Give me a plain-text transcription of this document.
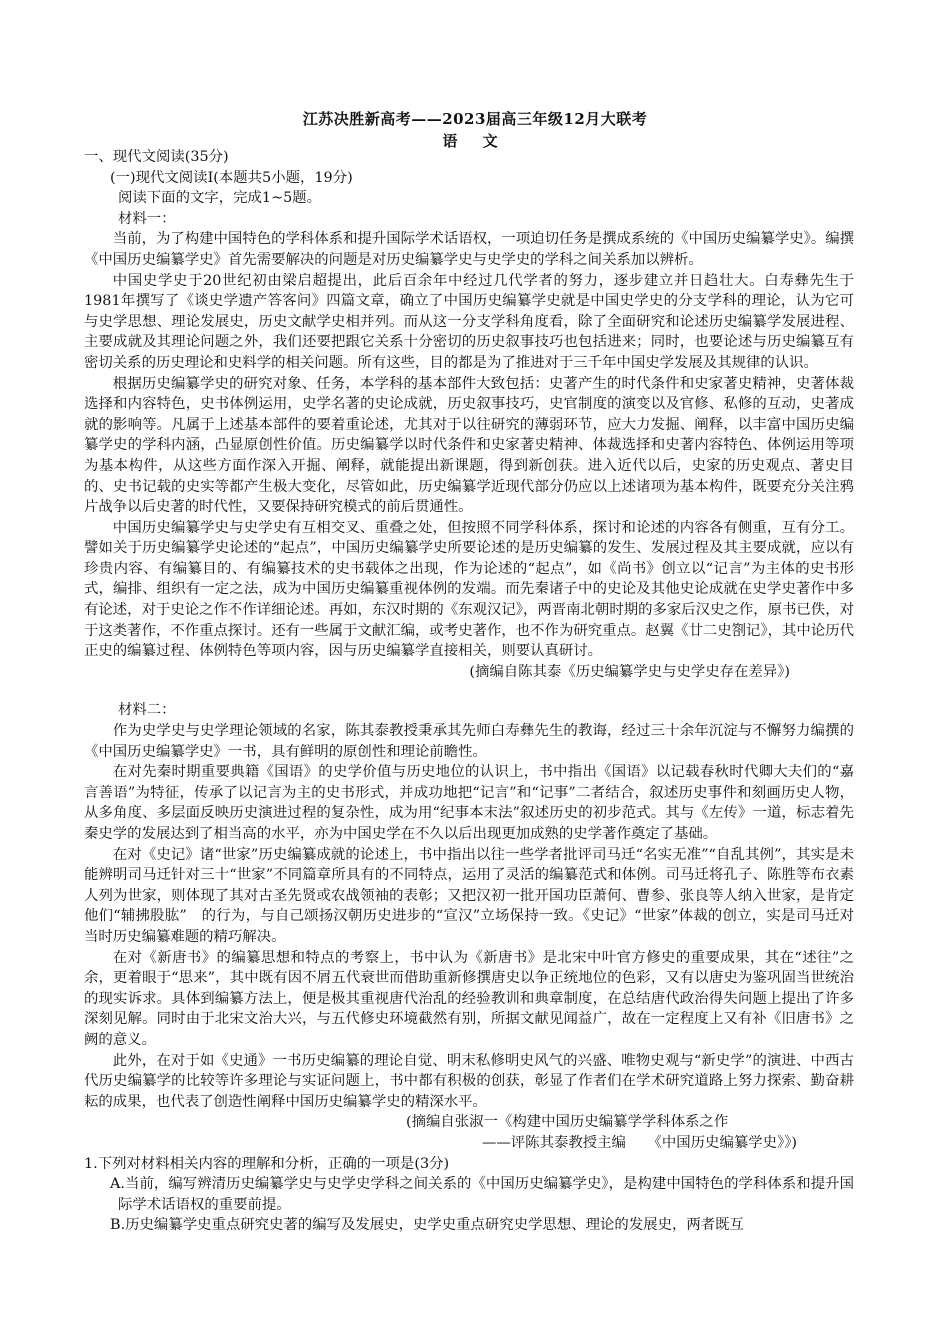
江苏决胜新高考——2023届高三年级12月大联考
语 文

一、现代文阅读(35分)

(一)现代文阅读Ⅰ(本题共5小题，19分)

阅读下面的文字，完成1~5题。

材料一：

当前，为了构建中国特色的学科体系和提升国际学术话语权，一项迫切任务是撰成系统的《中国历史编纂学史》。编撰《中国历史编纂学史》首先需要解决的问题是对历史编纂学史与史学史的学科之间关系加以辨析。

中国史学史于20世纪初由梁启超提出，此后百余年中经过几代学者的努力，逐步建立并日趋壮大。白寿彝先生于1981年撰写了《谈史学遗产答客问》四篇文章，确立了中国历史编纂学史就是中国史学史的分支学科的理论，认为它可与史学思想、理论发展史，历史文献学史相并列。而从这一分支学科角度看，除了全面研究和论述历史编纂学发展进程、主要成就及其理论问题之外，我们还要把跟它关系十分密切的历史叙事技巧也包括进来；同时，也要论述与历史编纂互有密切关系的历史理论和史料学的相关问题。所有这些，目的都是为了推进对于三千年中国史学发展及其规律的认识。

根据历史编纂学史的研究对象、任务，本学科的基本部件大致包括：史著产生的时代条件和史家著史精神，史著体裁选择和内容特色，史书体例运用，史学名著的史论成就，历史叙事技巧，史官制度的演变以及官修、私修的互动，史著成就的影响等。凡属于上述基本部件的要着重论述，尤其对于以往研究的薄弱环节，应大力发掘、阐释，以丰富中国历史编纂学史的学科内涵，凸显原创性价值。历史编纂学以时代条件和史家著史精神、体裁选择和史著内容特色、体例运用等项为基本构件，从这些方面作深入开掘、阐释，就能提出新课题，得到新创获。进入近代以后，史家的历史观点、著史目的、史书记载的史实等都产生极大变化，尽管如此，历史编纂学近现代部分仍应以上述诸项为基本构件，既要充分关注鸦片战争以后史著的时代性，又要保持研究模式的前后贯通性。

中国历史编纂学史与史学史有互相交叉、重叠之处，但按照不同学科体系，探讨和论述的内容各有侧重，互有分工。譬如关于历史编纂学史论述的“起点”，中国历史编纂学史所要论述的是历史编纂的发生、发展过程及其主要成就，应以有珍贵内容、有编纂目的、有编纂技术的史书载体之出现，作为论述的“起点”，如《尚书》创立以“记言”为主体的史书形式，编排、组织有一定之法，成为中国历史编纂重视体例的发端。而先秦诸子中的史论及其他史论成就在史学史著作中多有论述，对于史论之作不作详细论述。再如，东汉时期的《东观汉记》，两晋南北朝时期的多家后汉史之作，原书已佚，对于这类著作，不作重点探讨。还有一些属于文献汇编，或考史著作，也不作为研究重点。赵翼《廿二史劄记》，其中论历代正史的编纂过程、体例特色等项内容，因与历史编纂学直接相关，则要认真研讨。

(摘编自陈其泰《历史编纂学史与史学史存在差异》)

材料二：

作为史学史与史学理论领域的名家，陈其泰教授秉承其先师白寿彝先生的教诲，经过三十余年沉淀与不懈努力编撰的《中国历史编纂学史》一书，具有鲜明的原创性和理论前瞻性。

在对先秦时期重要典籍《国语》的史学价值与历史地位的认识上，书中指出《国语》以记载春秋时代卿大夫们的“嘉言善语”为特征，传承了以记言为主的史书形式，并成功地把“记言”和“记事”二者结合，叙述历史事件和刻画历史人物，从多角度、多层面反映历史演进过程的复杂性，成为用“纪事本末法”叙述历史的初步范式。其与《左传》一道，标志着先秦史学的发展达到了相当高的水平，亦为中国史学在不久以后出现更加成熟的史学著作奠定了基础。

在对《史记》诸“世家”历史编纂成就的论述上，书中指出以往一些学者批评司马迁“名实无准”“自乱其例”，其实是未能辨明司马迁针对三十“世家”不同篇章所具有的不同特点，运用了灵活的编纂范式和体例。司马迁将孔子、陈胜等布衣素人列为世家，则体现了其对古圣先贤或农战领袖的表彰；又把汉初一批开国功臣萧何、曹参、张良等人纳入世家，是肯定他们“辅拂股肱”　的行为，与自己颂扬汉朝历史进步的“宣汉”立场保持一致。《史记》“世家”体裁的创立，实是司马迁对当时历史编纂难题的精巧解决。

在对《新唐书》的编纂思想和特点的考察上，书中认为《新唐书》是北宋中叶官方修史的重要成果，其在“述往”之余，更着眼于“思来”，其中既有因不屑五代衰世而借助重新修撰唐史以争正统地位的色彩，又有以唐史为鉴巩固当世统治的现实诉求。具体到编纂方法上，便是极其重视唐代治乱的经验教训和典章制度，在总结唐代政治得失问题上提出了许多深刻见解。同时由于北宋文治大兴，与五代修史环境截然有别，所据文献见闻益广，故在一定程度上又有补《旧唐书》之阙的意义。

此外，在对于如《史通》一书历史编纂的理论自觉、明末私修明史风气的兴盛、唯物史观与“新史学”的演进、中西古代历史编纂学的比较等许多理论与实证问题上，书中都有积极的创获，彰显了作者们在学术研究道路上努力探索、勤奋耕耘的成果，也代表了创造性阐释中国历史编纂学史的精深水平。

(摘编自张淑一《构建中国历史编纂学学科体系之作

——评陈其泰教授主编　　《中国历史编纂学史》》)

1.下列对材料相关内容的理解和分析，正确的一项是(3分)

A.当前，编写辨清历史编纂学史与史学史学科之间关系的《中国历史编纂学史》，是构建中国特色的学科体系和提升国际学术话语权的重要前提。

B.历史编纂学史重点研究史著的编写及发展史，史学史重点研究史学思想、理论的发展史，两者既互
